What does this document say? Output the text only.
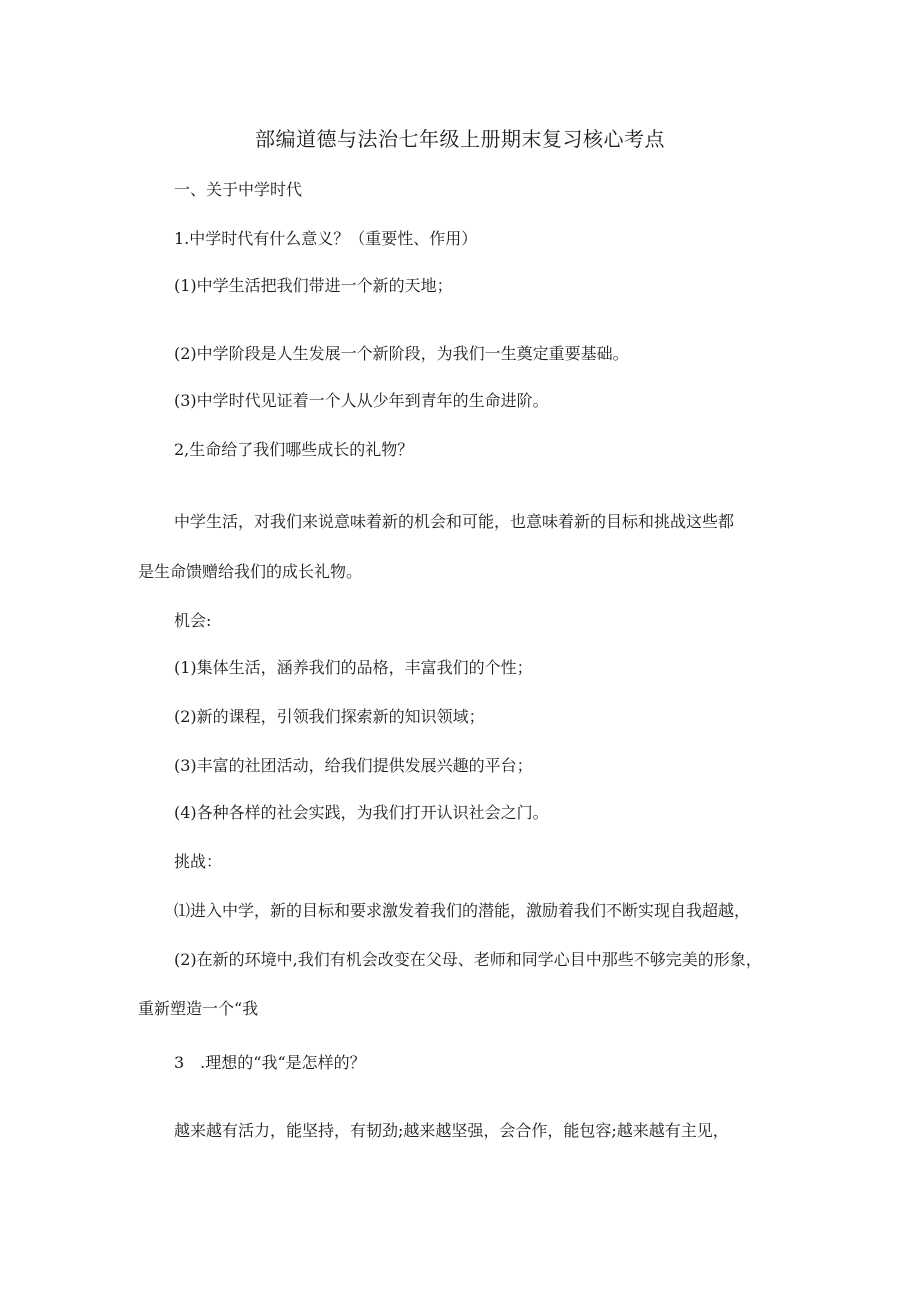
部编道德与法治七年级上册期末复习核心考点
一、关于中学时代
1.中学时代有什么意义？（重要性、作用）
(1)中学生活把我们带进一个新的天地；
(2)中学阶段是人生发展一个新阶段，为我们一生奠定重要基础。
(3)中学时代见证着一个人从少年到青年的生命进阶。
2,生命给了我们哪些成长的礼物？
中学生活，对我们来说意味着新的机会和可能，也意味着新的目标和挑战这些都
是生命馈赠给我们的成长礼物。
机会:
(1)集体生活，涵养我们的品格，丰富我们的个性；
(2)新的课程，引领我们探索新的知识领域；
(3)丰富的社团活动，给我们提供发展兴趣的平台；
(4)各种各样的社会实践，为我们打开认识社会之门。
挑战：
⑴进入中学，新的目标和要求激发着我们的潜能，激励着我们不断实现自我超越，
(2)在新的环境中,我们有机会改变在父母、老师和同学心目中那些不够完美的形象，
重新塑造一个“我
3　.理想的“我“是怎样的？
越来越有活力，能坚持，有韧劲;越来越坚强，会合作，能包容;越来越有主见，
